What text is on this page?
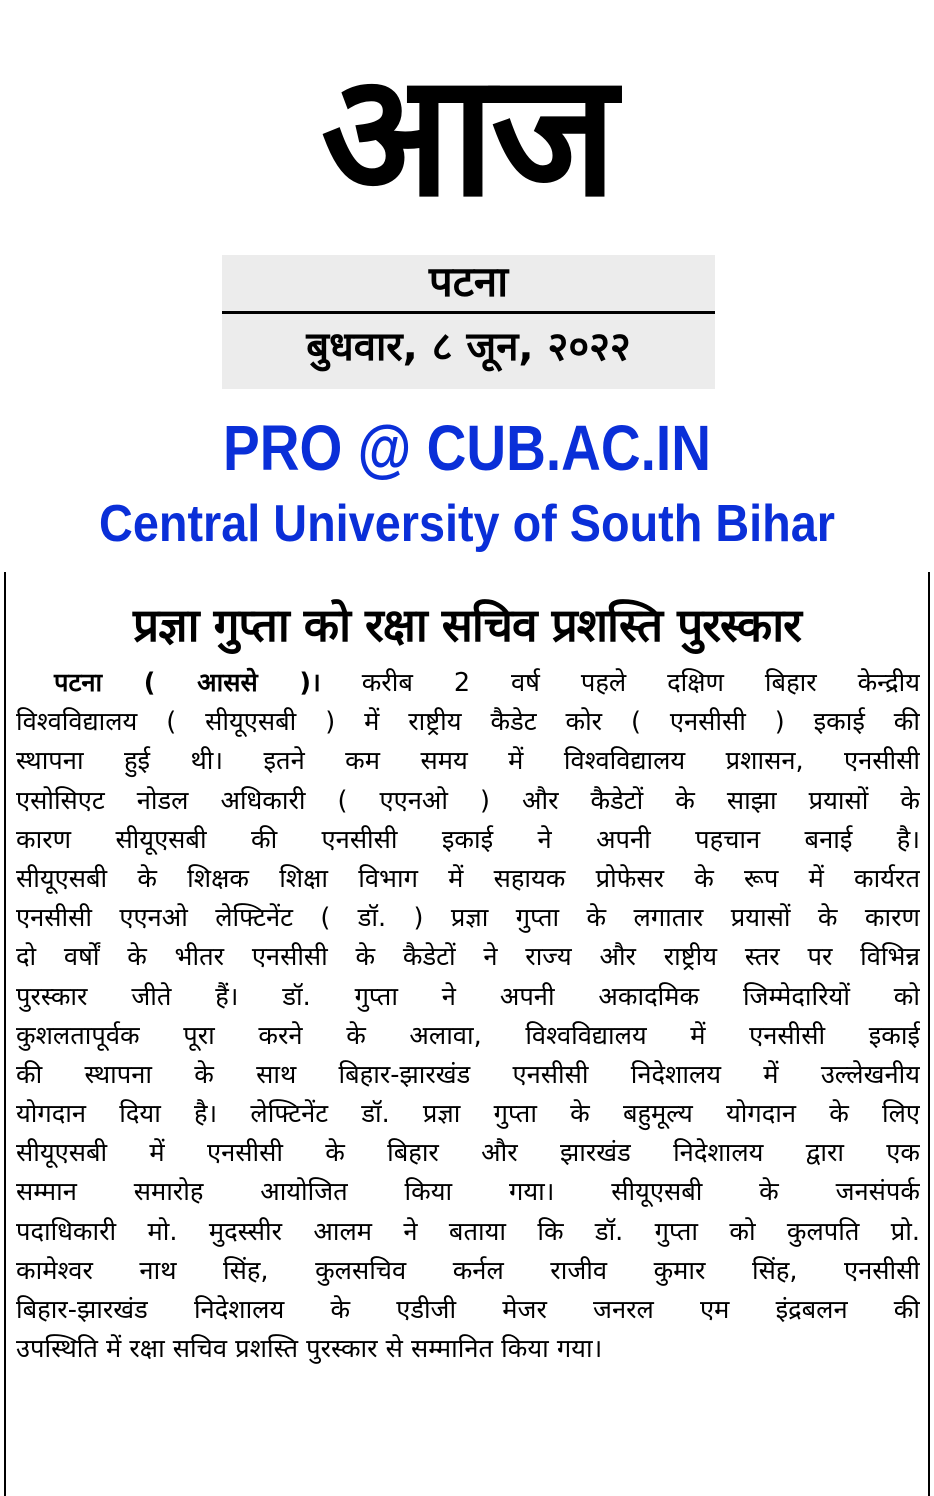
आज
पटना
बुधवार, ८ जून, २०२२
PRO @ CUB.AC.IN
Central University of South Bihar
प्रज्ञा गुप्ता को रक्षा सचिव प्रशस्ति पुरस्कार
पटना ( आससे )। करीब 2 वर्ष पहले दक्षिण बिहार केन्द्रीय
विश्वविद्यालय ( सीयूएसबी ) में राष्ट्रीय कैडेट कोर ( एनसीसी ) इकाई की
स्थापना हुई थी। इतने कम समय में विश्वविद्यालय प्रशासन, एनसीसी
एसोसिएट नोडल अधिकारी ( एएनओ ) और कैडेटों के साझा प्रयासों के
कारण सीयूएसबी की एनसीसी इकाई ने अपनी पहचान बनाई है।
सीयूएसबी के शिक्षक शिक्षा विभाग में सहायक प्रोफेसर के रूप में कार्यरत
एनसीसी एएनओ लेफ्टिनेंट ( डॉ. ) प्रज्ञा गुप्ता के लगातार प्रयासों के कारण
दो वर्षों के भीतर एनसीसी के कैडेटों ने राज्य और राष्ट्रीय स्तर पर विभिन्न
पुरस्कार जीते हैं। डॉ. गुप्ता ने अपनी अकादमिक जिम्मेदारियों को
कुशलतापूर्वक पूरा करने के अलावा, विश्वविद्यालय में एनसीसी इकाई
की स्थापना के साथ बिहार-झारखंड एनसीसी निदेशालय में उल्लेखनीय
योगदान दिया है। लेफ्टिनेंट डॉ. प्रज्ञा गुप्ता के बहुमूल्य योगदान के लिए
सीयूएसबी में एनसीसी के बिहार और झारखंड निदेशालय द्वारा एक
सम्मान समारोह आयोजित किया गया। सीयूएसबी के जनसंपर्क
पदाधिकारी मो. मुदस्सीर आलम ने बताया कि डॉ. गुप्ता को कुलपति प्रो.
कामेश्वर नाथ सिंह, कुलसचिव कर्नल राजीव कुमार सिंह, एनसीसी
बिहार-झारखंड निदेशालय के एडीजी मेजर जनरल एम इंद्रबलन की
उपस्थिति में रक्षा सचिव प्रशस्ति पुरस्कार से सम्मानित किया गया।
